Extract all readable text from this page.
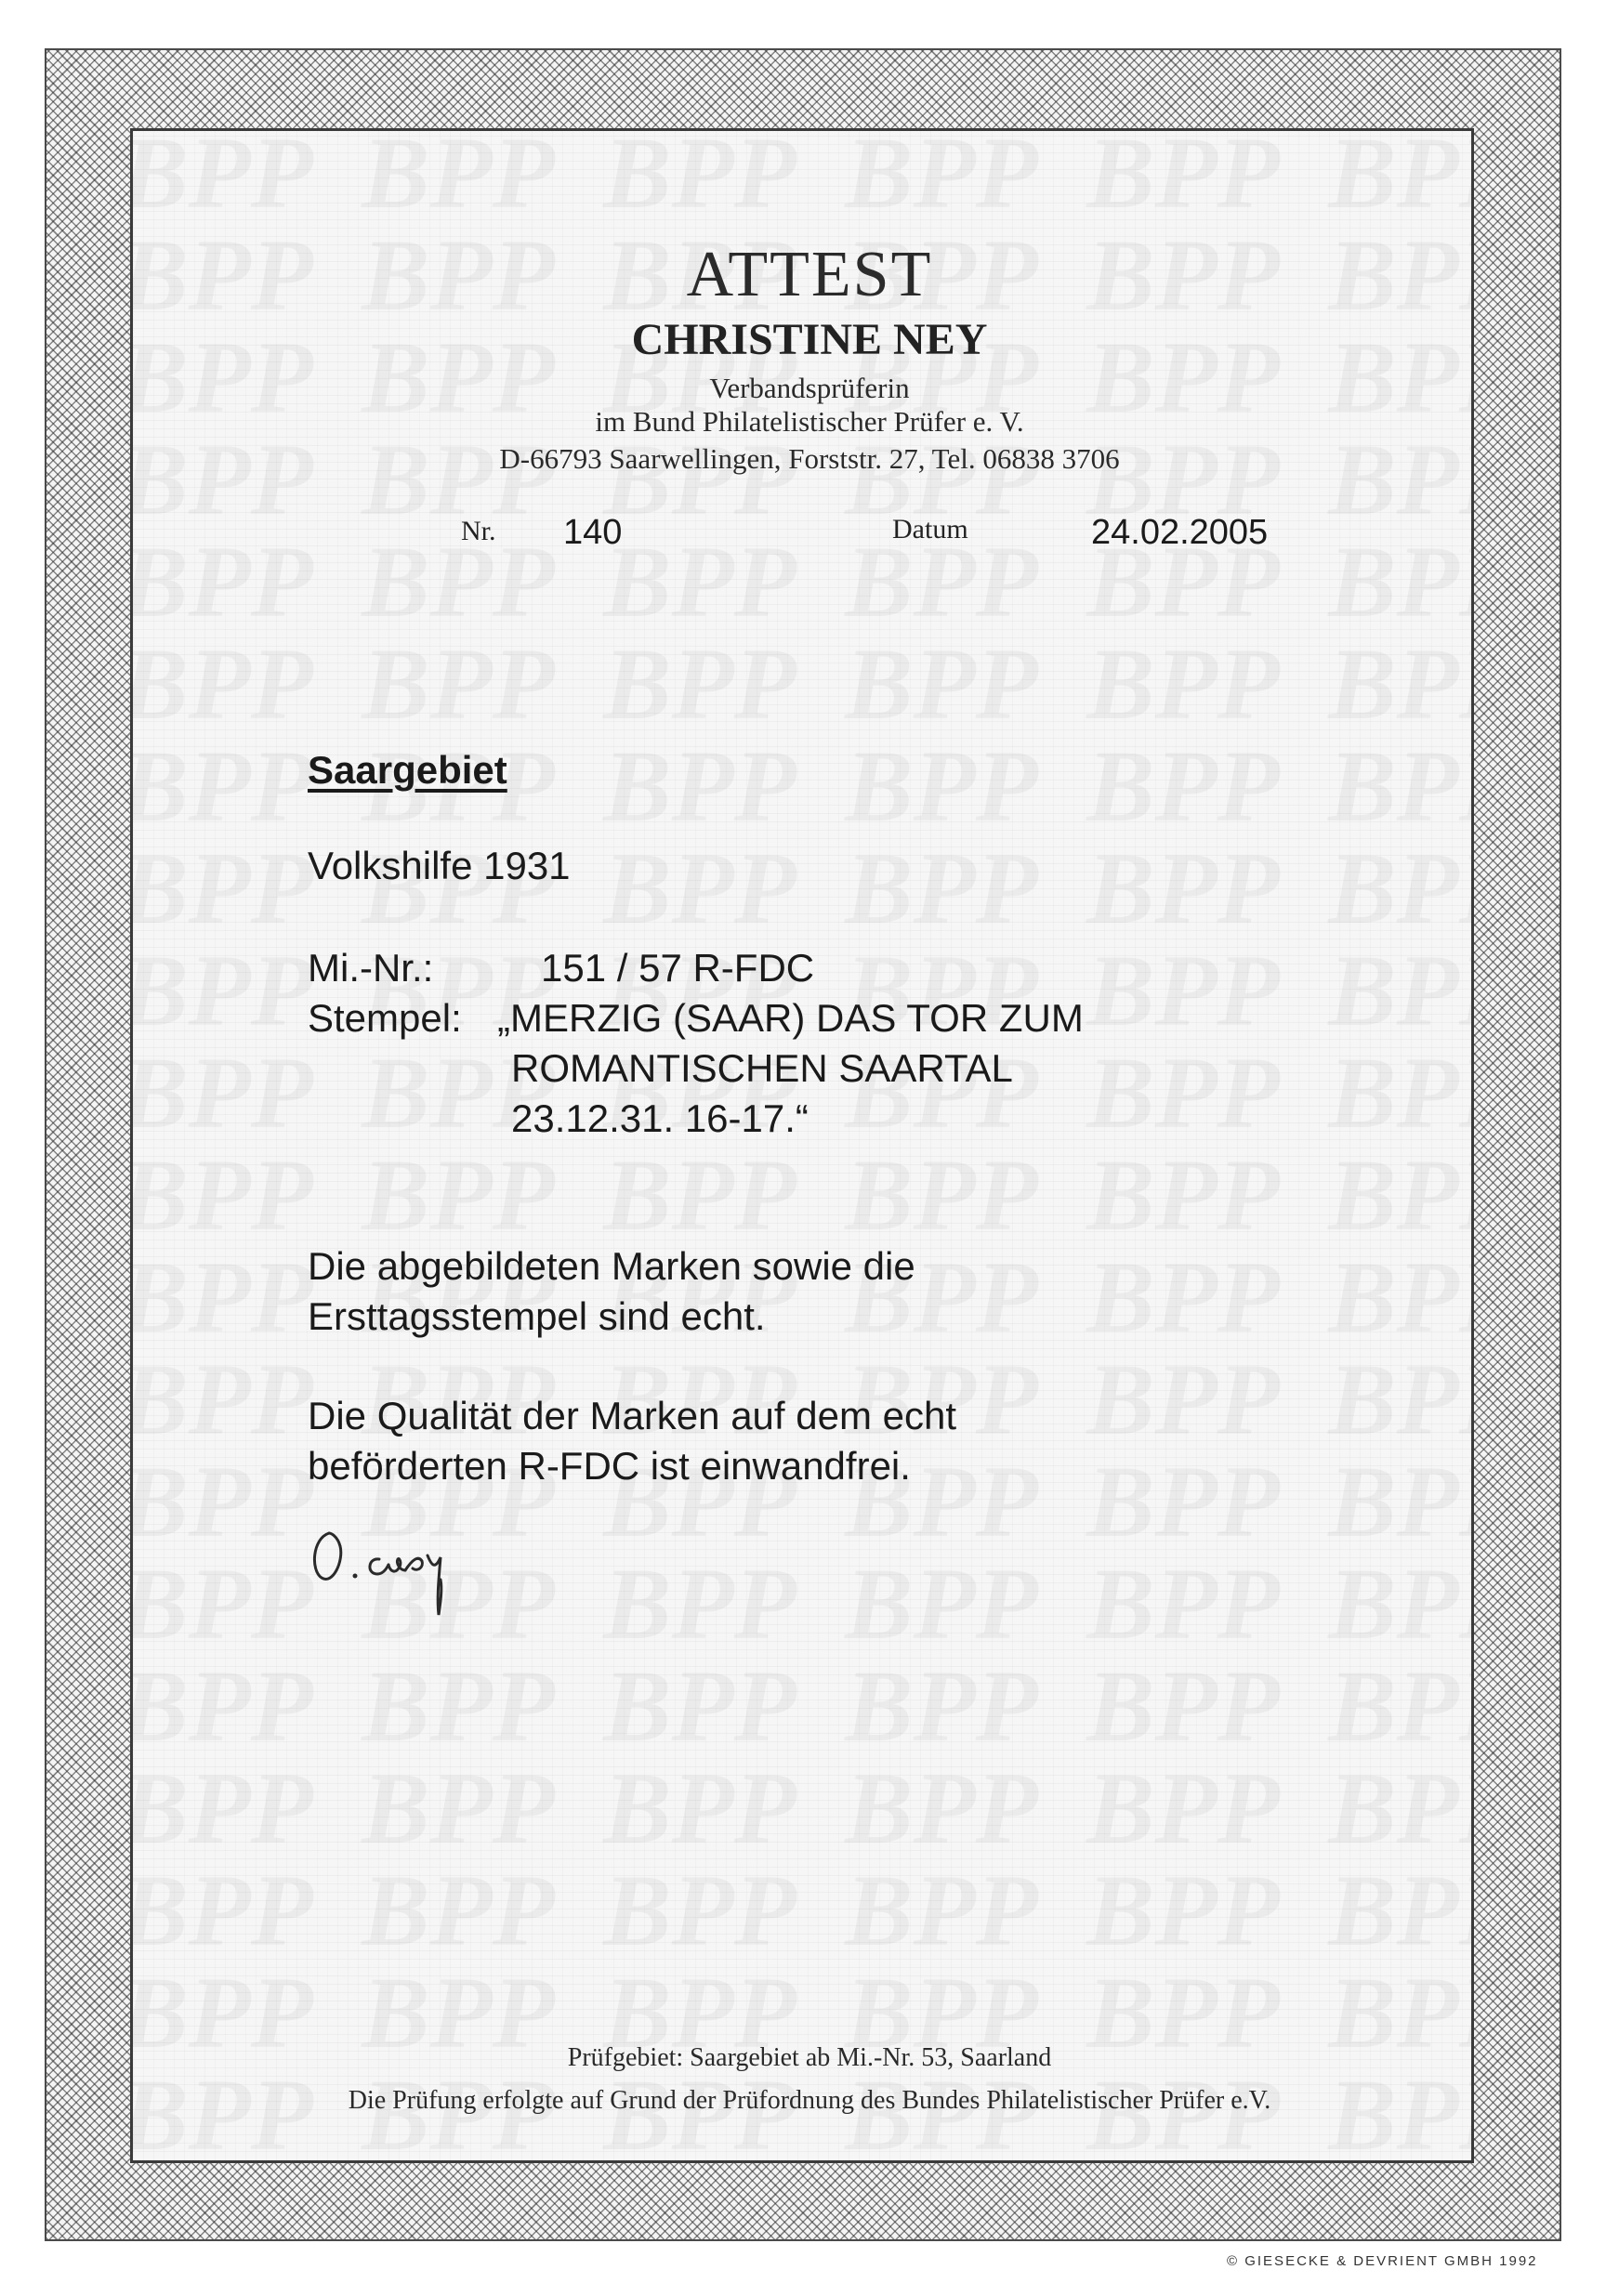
ATTEST
CHRISTINE NEY
Verbandsprüferin
im Bund Philatelistischer Prüfer e. V.
D-66793 Saarwellingen, Forststr. 27, Tel. 06838 3706
Nr. 140	Datum	24.02.2005
Saargebiet
Volkshilfe 1931
Mi.-Nr.:	151 / 57 R-FDC
Stempel: „MERZIG (SAAR) DAS TOR ZUM
ROMANTISCHEN SAARTAL
23.12.31. 16-17.“
Die abgebildeten Marken sowie die
Ersttagsstempel sind echt.
Die Qualität der Marken auf dem echt
beförderten R-FDC ist einwandfrei.
Prüfgebiet: Saargebiet ab Mi.-Nr. 53, Saarland
Die Prüfung erfolgte auf Grund der Prüfordnung des Bundes Philatelistischer Prüfer e.V.
© GIESECKE & DEVRIENT GMBH 1992
